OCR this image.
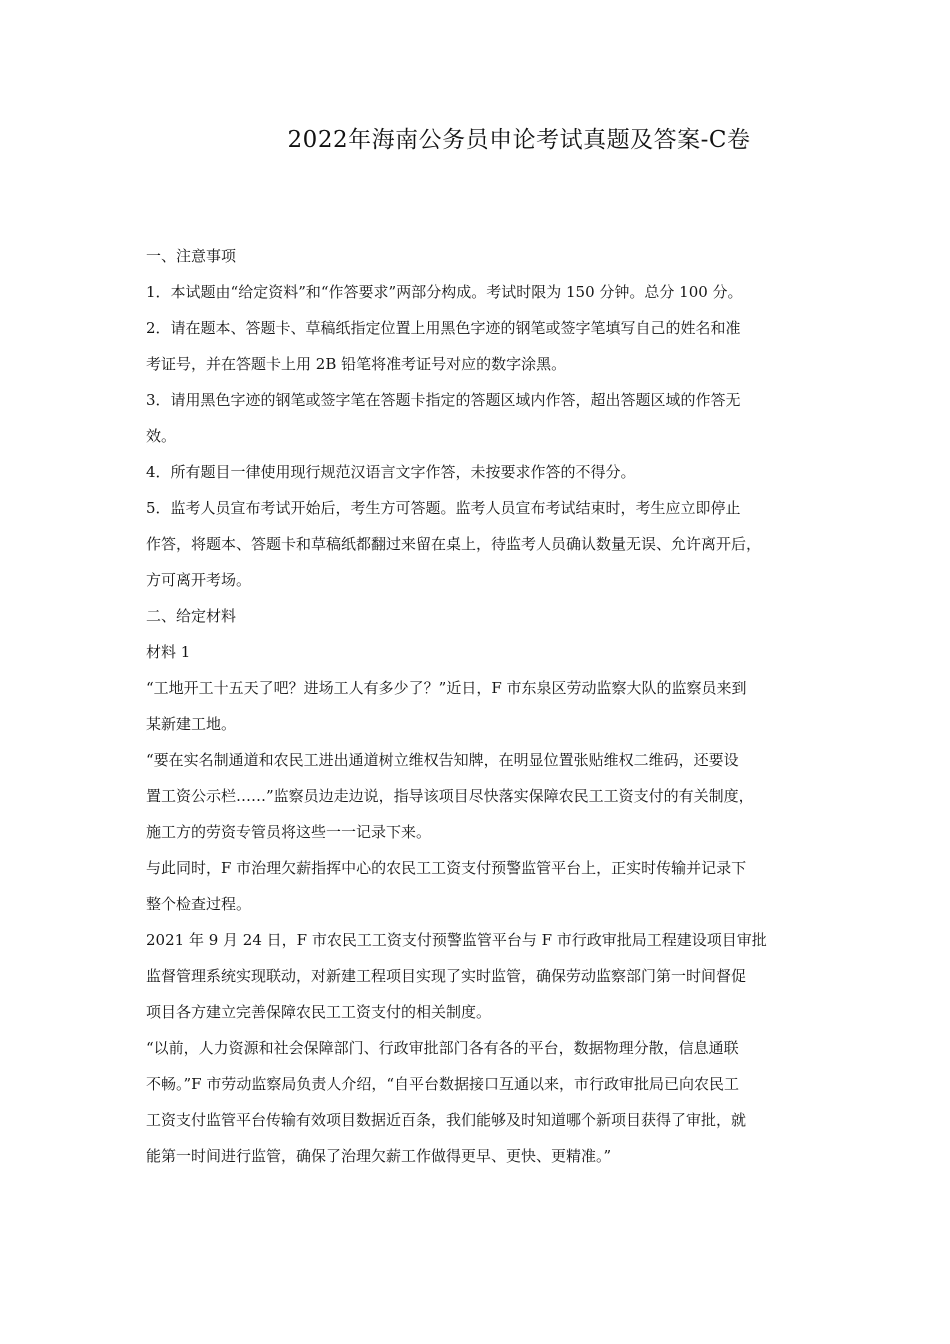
2022年海南公务员申论考试真题及答案-C卷
一、注意事项
1．本试题由“给定资料”和“作答要求”两部分构成。考试时限为 150 分钟。总分 100 分。
2．请在题本、答题卡、草稿纸指定位置上用黑色字迹的钢笔或签字笔填写自己的姓名和准
考证号，并在答题卡上用 2B 铅笔将准考证号对应的数字涂黑。
3．请用黑色字迹的钢笔或签字笔在答题卡指定的答题区域内作答，超出答题区域的作答无
效。
4．所有题目一律使用现行规范汉语言文字作答，未按要求作答的不得分。
5．监考人员宣布考试开始后，考生方可答题。监考人员宣布考试结束时，考生应立即停止
作答，将题本、答题卡和草稿纸都翻过来留在桌上，待监考人员确认数量无误、允许离开后，
方可离开考场。
二、给定材料
材料 1
“工地开工十五天了吧？进场工人有多少了？”近日，F 市东泉区劳动监察大队的监察员来到
某新建工地。
“要在实名制通道和农民工进出通道树立维权告知牌，在明显位置张贴维权二维码，还要设
置工资公示栏……”监察员边走边说，指导该项目尽快落实保障农民工工资支付的有关制度，
施工方的劳资专管员将这些一一记录下来。
与此同时，F 市治理欠薪指挥中心的农民工工资支付预警监管平台上，正实时传输并记录下
整个检查过程。
2021 年 9 月 24 日，F 市农民工工资支付预警监管平台与 F 市行政审批局工程建设项目审批
监督管理系统实现联动，对新建工程项目实现了实时监管，确保劳动监察部门第一时间督促
项目各方建立完善保障农民工工资支付的相关制度。
“以前，人力资源和社会保障部门、行政审批部门各有各的平台，数据物理分散，信息通联
不畅。”F 市劳动监察局负责人介绍，“自平台数据接口互通以来，市行政审批局已向农民工
工资支付监管平台传输有效项目数据近百条，我们能够及时知道哪个新项目获得了审批，就
能第一时间进行监管，确保了治理欠薪工作做得更早、更快、更精准。”
